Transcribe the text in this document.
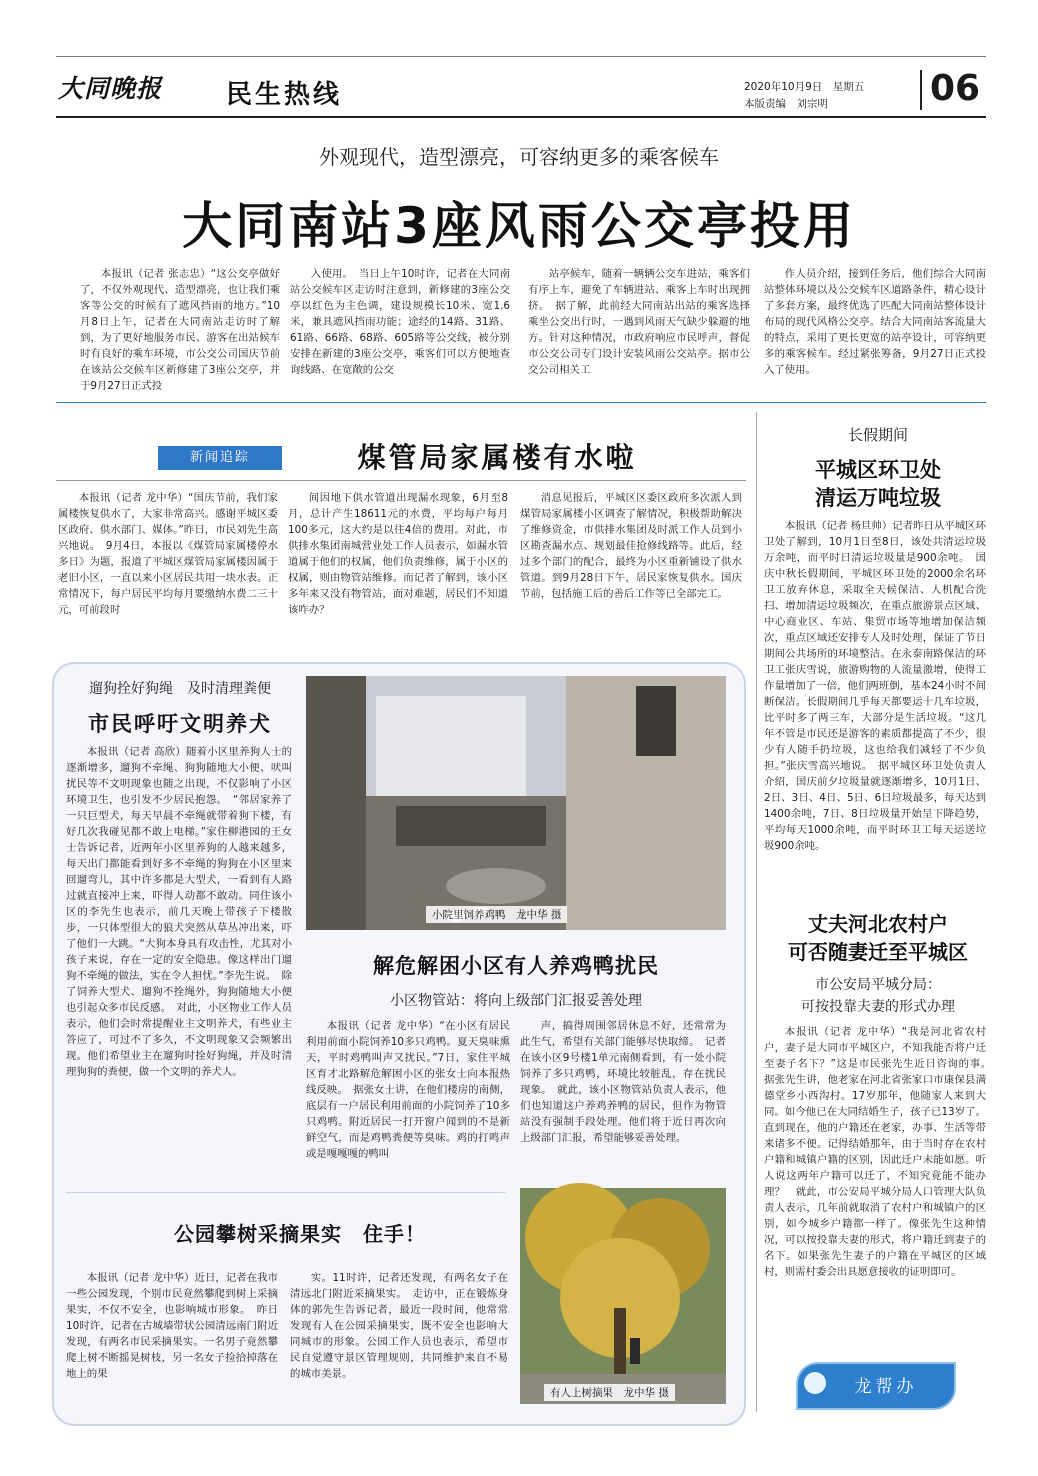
大同晚报	民生热线	2020年10月9日　星期五
本版责编　刘宗明	06
外观现代，造型漂亮，可容纳更多的乘客候车
大同南站3座风雨公交亭投用

本报讯（记者 张志忠）“这公交亭做好了，不仅外观现代、造型漂亮，也让我们乘客等公交的时候有了遮风挡雨的地方。”10月8日上午，记者在大同南站走访时了解到，为了更好地服务市民、游客在出站候车时有良好的乘车环境，市公交公司国庆节前在该站公交候车区新修建了3座公交亭，并于9月27日正式投

入使用。　当日上午10时许，记者在大同南站公交候车区走访时注意到，新修建的3座公交亭以红色为主色调，建设规模长10米、宽1.6米，兼具遮风挡雨功能；途经的14路、31路、61路、66路、68路、605路等公交线，被分别安排在新建的3座公交亭，乘客们可以方便地查询线路、在宽敞的公交

站亭候车，随着一辆辆公交车进站，乘客们有序上车，避免了车辆进站、乘客上车时出现拥挤。　据了解，此前经大同南站出站的乘客选择乘坐公交出行时，一遇到风雨天气缺少躲避的地方。针对这种情况，市政府响应市民呼声，督促市公交公司专门设计安装风雨公交站亭。据市公交公司相关工

作人员介绍，接到任务后，他们综合大同南站整体环境以及公交候车区道路条件，精心设计了多套方案，最终优选了匹配大同南站整体设计布局的现代风格公交亭。结合大同南站客流量大的特点，采用了更长更宽的站亭设计，可容纳更多的乘客候车。经过紧张筹备，9月27日正式投入了使用。

新闻追踪	煤管局家属楼有水啦

本报讯（记者 龙中华）“国庆节前，我们家属楼恢复供水了，大家非常高兴。感谢平城区委区政府、供水部门、媒体。”昨日，市民刘先生高兴地说。　9月4日，本报以《煤管局家属楼停水多日》为题，报道了平城区煤管局家属楼因属于老旧小区，一直以来小区居民共用一块水表。正常情况下，每户居民平均每月要缴纳水费二三十元，可前段时

间因地下供水管道出现漏水现象，6月至8月，总计产生18611元的水费，平均每户每月100多元，这大约是以往4倍的费用。对此，市供排水集团南城营业处工作人员表示，如漏水管道属于他们的权属，他们负责维修，属于小区的权属，则由物管站维修。而记者了解到，该小区多年来又没有物管站，面对难题，居民们不知道该咋办？

消息见报后，平城区区委区政府多次派人到煤管局家属楼小区调查了解情况，积极帮助解决了维修资金，市供排水集团及时派工作人员到小区勘查漏水点、规划最佳抢修线路等。此后，经过多个部门的配合，最终为小区重新铺设了供水管道。到9月28日下午，居民家恢复供水。国庆节前，包括施工后的善后工作等已全部完工。

长假期间
平城区环卫处
清运万吨垃圾

本报讯（记者 杨旦帅）记者昨日从平城区环卫处了解到，10月1日至8日，该处共清运垃圾万余吨，而平时日清运垃圾量是900余吨。　国庆中秋长假期间，平城区环卫处的2000余名环卫工放弃休息，采取全天候保洁、人机配合洗扫、增加清运垃圾频次，在重点旅游景点区域、中心商业区、车站、集贸市场等地增加保洁频次，重点区域还安排专人及时处理，保证了节日期间公共场所的环境整洁。在永泰南路保洁的环卫工张庆雪说，旅游购物的人流量激增，使得工作量增加了一倍，他们两班倒，基本24小时不间断保洁。长假期间几乎每天都要运十几车垃圾，比平时多了两三车，大部分是生活垃圾。“这几年不管是市民还是游客的素质都提高了不少，很少有人随手扔垃圾，这也给我们减轻了不少负担。”张庆雪高兴地说。　据平城区环卫处负责人介绍，国庆前夕垃圾量就逐渐增多，10月1日、2日、3日、4日、5日、6日垃圾最多，每天达到1400余吨，7日、8日垃圾量开始呈下降趋势，平均每天1000余吨，而平时环卫工每天运送垃圾900余吨。

丈夫河北农村户
可否随妻迁至平城区
市公安局平城分局：
可按投靠夫妻的形式办理

本报讯（记者 龙中华）“我是河北省农村户，妻子是大同市平城区户，不知我能否将户迁至妻子名下？”这是市民张先生近日咨询的事。　据张先生讲，他老家在河北省张家口市康保县满德堂乡小西沟村。17岁那年，他随家人来到大同。如今他已在大同结婚生子，孩子已13岁了。直到现在，他的户籍还在老家，办事、生活等带来诸多不便。记得结婚那年，由于当时存在农村户籍和城镇户籍的区别，因此迁户未能如愿。听人说这两年户籍可以迁了，不知究竟能不能办理？　就此，市公安局平城分局人口管理大队负责人表示，几年前就取消了农村户和城镇户的区别，如今城乡户籍都一样了。像张先生这种情况，可以按投靠夫妻的形式，将户籍迁到妻子的名下。如果张先生妻子的户籍在平城区的区域村，则需村委会出具愿意接收的证明即可。

龙帮办
遛狗拴好狗绳　及时清理粪便
市民呼吁文明养犬

本报讯（记者 高欣）随着小区里养狗人士的逐渐增多，遛狗不牵绳、狗狗随地大小便、吠叫扰民等不文明现象也随之出现，不仅影响了小区环境卫生，也引发不少居民抱怨。　“邻居家养了一只巨型犬，每天早晨不牵绳就带着狗下楼，有好几次我碰见都不敢上电梯。”家住柳港园的王女士告诉记者，近两年小区里养狗的人越来越多，每天出门都能看到好多不牵绳的狗狗在小区里来回遛弯儿，其中许多都是大型犬，一看到有人路过就直接冲上来，吓得人动都不敢动。同住该小区的李先生也表示，前几天晚上带孩子下楼散步，一只体型很大的狼犬突然从草丛冲出来，吓了他们一大跳。“大狗本身具有攻击性，尤其对小孩子来说，存在一定的安全隐患。像这样出门遛狗不牵绳的做法，实在令人担忧。”李先生说。　除了饲养大型犬、遛狗不拴绳外，狗狗随地大小便也引起众多市民反感。　对此，小区物业工作人员表示，他们会时常提醒业主文明养犬，有些业主答应了，可过不了多久，不文明现象又会频繁出现。他们希望业主在遛狗时拴好狗绳，并及时清理狗狗的粪便，做一个文明的养犬人。

小院里饲养鸡鸭　龙中华 摄
解危解困小区有人养鸡鸭扰民
小区物管站：将向上级部门汇报妥善处理

本报讯（记者 龙中华）“在小区有居民利用前面小院饲养10多只鸡鸭。夏天臭味熏天，平时鸡鸭叫声又扰民。”7日，家住平城区育才北路解危解困小区的张女士向本报热线反映。　据张女士讲，在他们楼房的南侧，底层有一户居民利用前面的小院饲养了10多只鸡鸭。附近居民一打开窗户闻到的不是新鲜空气，而是鸡鸭粪便等臭味。鸡的打鸣声或是嘎嘎嘎的鸭叫

声，搞得周围邻居休息不好，还常常为此生气，希望有关部门能够尽快取缔。　记者在该小区9号楼1单元南侧看到，有一处小院饲养了多只鸡鸭，环境比较脏乱，存在扰民现象。　就此，该小区物管站负责人表示，他们也知道这户养鸡养鸭的居民，但作为物管站没有强制手段处理。他们将于近日再次向上级部门汇报，希望能够妥善处理。

公园攀树采摘果实　住手！
有人上树摘果　龙中华 摄

本报讯（记者 龙中华）近日，记者在我市一些公园发现，个别市民竟然攀爬到树上采摘果实，不仅不安全，也影响城市形象。　昨日10时许，记者在古城墙带状公园清远南门附近发现，有两名市民采摘果实。一名男子竟然攀爬上树不断摇晃树枝，另一名女子捡拾掉落在地上的果

实。11时许，记者还发现，有两名女子在清远北门附近采摘果实。　走访中，正在锻炼身体的郭先生告诉记者，最近一段时间，他常常发现有人在公园采摘果实，既不安全也影响大同城市的形象。公园工作人员也表示，希望市民自觉遵守景区管理规则，共同维护来自不易的城市美景。
